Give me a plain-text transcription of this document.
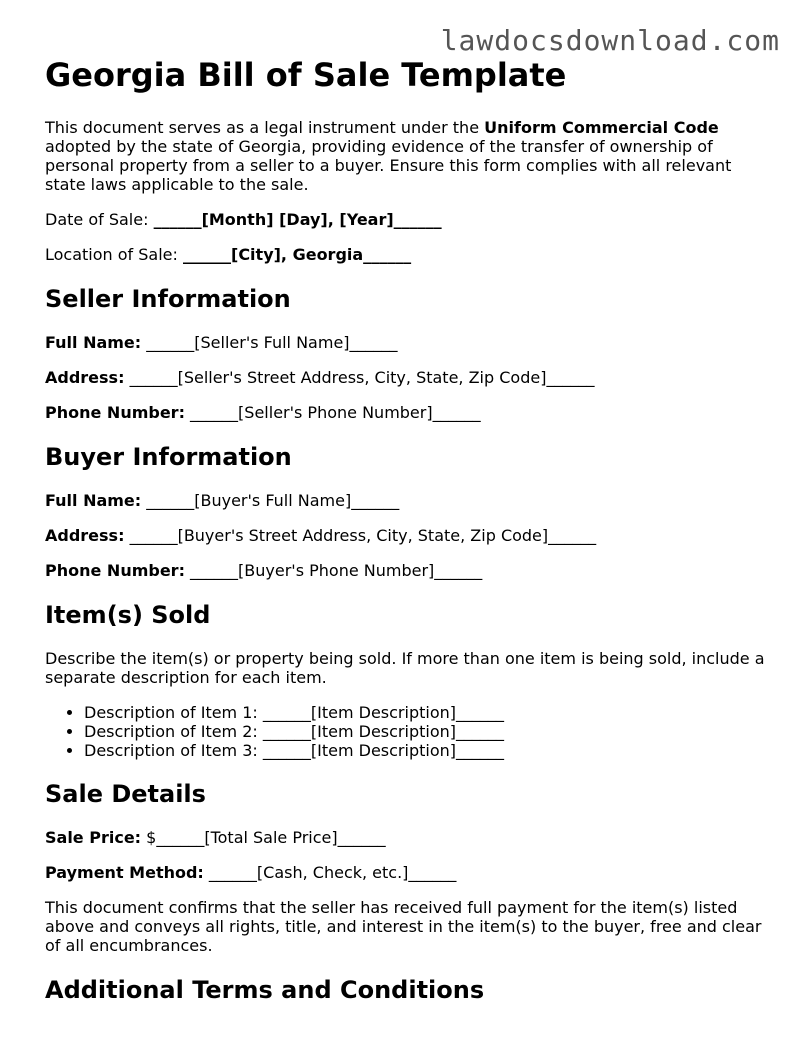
lawdocsdownload.com
Georgia Bill of Sale Template

This document serves as a legal instrument under the Uniform Commercial Code adopted by the state of Georgia, providing evidence of the transfer of ownership of personal property from a seller to a buyer. Ensure this form complies with all relevant state laws applicable to the sale.

Date of Sale: ______[Month] [Day], [Year]______

Location of Sale: ______[City], Georgia______

Seller Information

Full Name: ______[Seller's Full Name]______

Address: ______[Seller's Street Address, City, State, Zip Code]______

Phone Number: ______[Seller's Phone Number]______

Buyer Information

Full Name: ______[Buyer's Full Name]______

Address: ______[Buyer's Street Address, City, State, Zip Code]______

Phone Number: ______[Buyer's Phone Number]______

Item(s) Sold

Describe the item(s) or property being sold. If more than one item is being sold, include a separate description for each item.

• Description of Item 1: ______[Item Description]______
• Description of Item 2: ______[Item Description]______
• Description of Item 3: ______[Item Description]______
Sale Details

Sale Price: $______[Total Sale Price]______

Payment Method: ______[Cash, Check, etc.]______

This document confirms that the seller has received full payment for the item(s) listed above and conveys all rights, title, and interest in the item(s) to the buyer, free and clear of all encumbrances.

Additional Terms and Conditions
